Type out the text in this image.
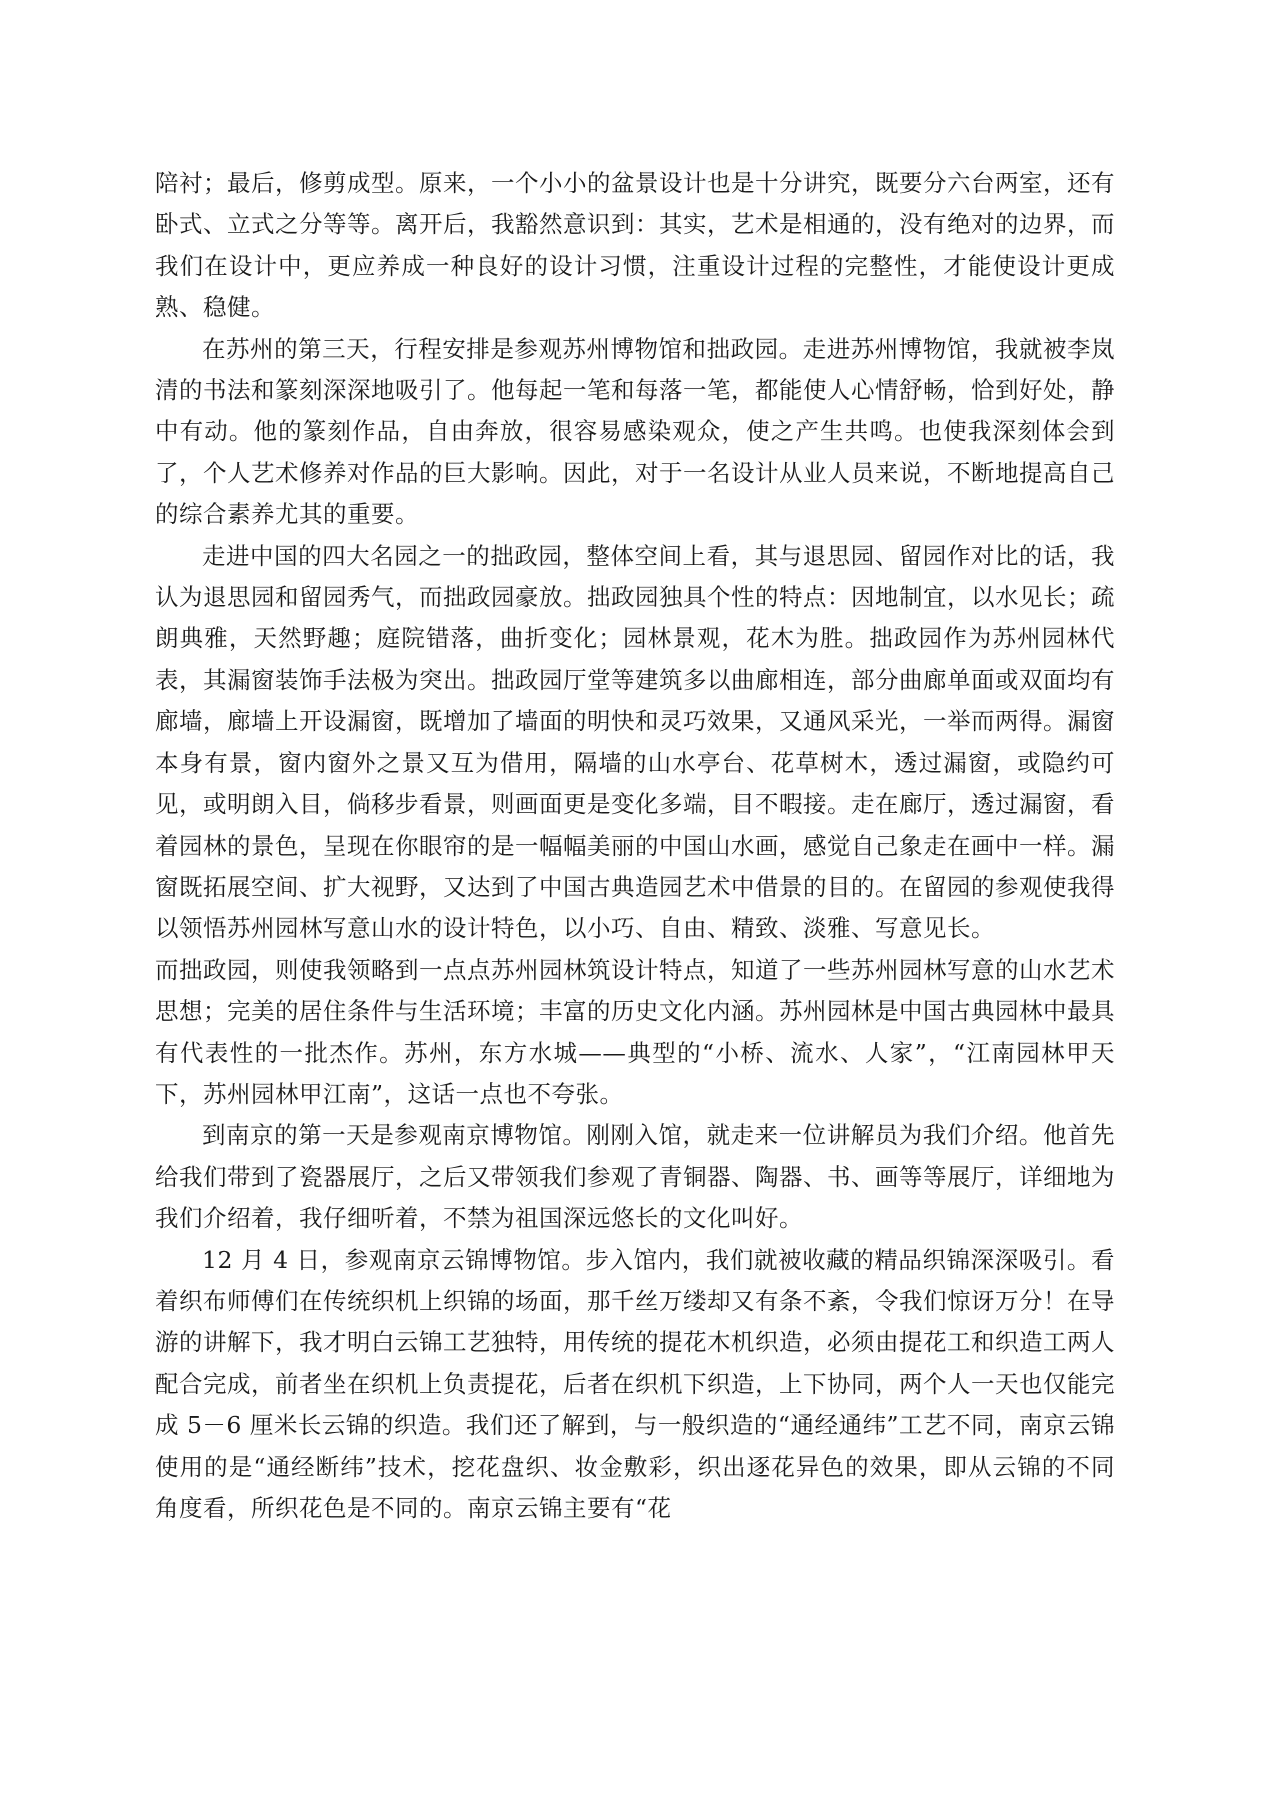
陪衬；最后，修剪成型。原来，一个小小的盆景设计也是十分讲究，既要分六台两室，还有卧式、立式之分等等。离开后，我豁然意识到：其实，艺术是相通的，没有绝对的边界，而我们在设计中，更应养成一种良好的设计习惯，注重设计过程的完整性，才能使设计更成熟、稳健。

在苏州的第三天，行程安排是参观苏州博物馆和拙政园。走进苏州博物馆，我就被李岚清的书法和篆刻深深地吸引了。他每起一笔和每落一笔，都能使人心情舒畅，恰到好处，静中有动。他的篆刻作品，自由奔放，很容易感染观众，使之产生共鸣。也使我深刻体会到了，个人艺术修养对作品的巨大影响。因此，对于一名设计从业人员来说，不断地提高自己的综合素养尤其的重要。

走进中国的四大名园之一的拙政园，整体空间上看，其与退思园、留园作对比的话，我认为退思园和留园秀气，而拙政园豪放。拙政园独具个性的特点：因地制宜，以水见长；疏朗典雅，天然野趣；庭院错落，曲折变化；园林景观，花木为胜。拙政园作为苏州园林代表，其漏窗装饰手法极为突出。拙政园厅堂等建筑多以曲廊相连，部分曲廊单面或双面均有廊墙，廊墙上开设漏窗，既增加了墙面的明快和灵巧效果，又通风采光，一举而两得。漏窗本身有景，窗内窗外之景又互为借用，隔墙的山水亭台、花草树木，透过漏窗，或隐约可见，或明朗入目，倘移步看景，则画面更是变化多端，目不暇接。走在廊厅，透过漏窗，看着园林的景色，呈现在你眼帘的是一幅幅美丽的中国山水画，感觉自己象走在画中一样。漏窗既拓展空间、扩大视野，又达到了中国古典造园艺术中借景的目的。在留园的参观使我得以领悟苏州园林写意山水的设计特色，以小巧、自由、精致、淡雅、写意见长。

而拙政园，则使我领略到一点点苏州园林筑设计特点，知道了一些苏州园林写意的山水艺术思想；完美的居住条件与生活环境；丰富的历史文化内涵。苏州园林是中国古典园林中最具有代表性的一批杰作。苏州，东方水城——典型的“小桥、流水、人家”，“江南园林甲天下，苏州园林甲江南”，这话一点也不夸张。

到南京的第一天是参观南京博物馆。刚刚入馆，就走来一位讲解员为我们介绍。他首先给我们带到了瓷器展厅，之后又带领我们参观了青铜器、陶器、书、画等等展厅，详细地为我们介绍着，我仔细听着，不禁为祖国深远悠长的文化叫好。

12 月 4 日，参观南京云锦博物馆。步入馆内，我们就被收藏的精品织锦深深吸引。看着织布师傅们在传统织机上织锦的场面，那千丝万缕却又有条不紊，令我们惊讶万分！在导游的讲解下，我才明白云锦工艺独特，用传统的提花木机织造，必须由提花工和织造工两人配合完成，前者坐在织机上负责提花，后者在织机下织造，上下协同，两个人一天也仅能完成 5－6 厘米长云锦的织造。我们还了解到，与一般织造的“通经通纬”工艺不同，南京云锦使用的是“通经断纬”技术，挖花盘织、妆金敷彩，织出逐花异色的效果，即从云锦的不同角度看，所织花色是不同的。南京云锦主要有“花
